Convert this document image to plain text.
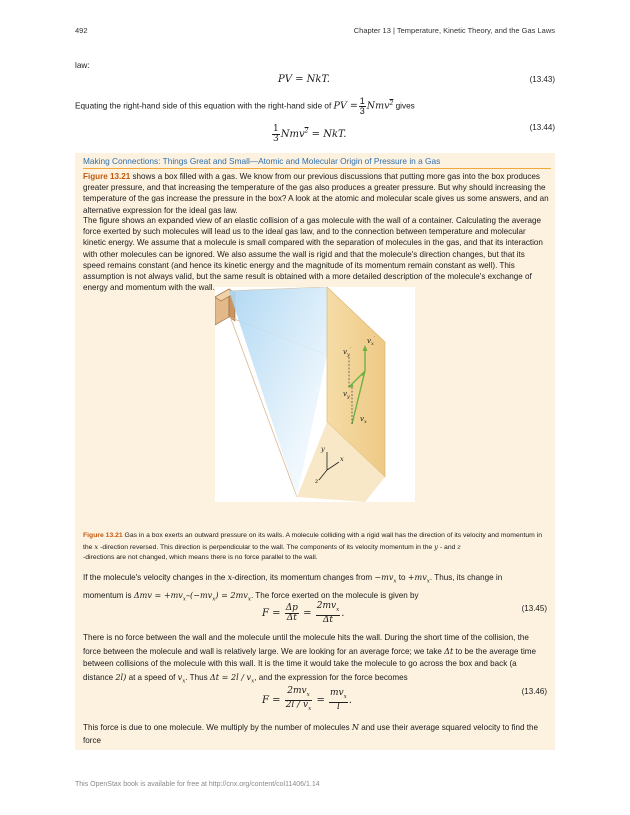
492	Chapter 13 | Temperature, Kinetic Theory, and the Gas Laws
law:
PV = NkT.	(13.43)
Equating the right-hand side of this equation with the right-hand side of PV = $\frac{1}{3} Nmv^2$ gives
$\frac{1}{3} Nmv^2$ = NkT.
(13.44)
Making Connections: Things Great and Small—Atomic and Molecular Origin of Pressure in a Gas

Figure 13.21 shows a box filled with a gas. We know from our previous discussions that putting more gas into the box produces greater pressure, and that increasing the temperature of the gas also produces a greater pressure. But why should increasing the temperature of the gas increase the pressure in the box? A look at the atomic and molecular scale gives us some answers, and an alternative expression for the ideal gas law.

The figure shows an expanded view of an elastic collision of a gas molecule with the wall of a container. Calculating the average force exerted by such molecules will lead us to the ideal gas law, and to the connection between temperature and molecular kinetic energy. We assume that a molecule is small compared with the separation of molecules in the gas, and that its interaction with other molecules can be ignored. We also assume the wall is rigid and that the molecule's direction changes, but that its speed remains constant (and hence its kinetic energy and the magnitude of its momentum remain constant as well). This assumption is not always valid, but the same result is obtained with a more detailed description of the molecule's exchange of energy and momentum with the wall.

$v_x'$
$v_y'$
$v_y$
$v_x$
y
x
z
Figure 13.21 Gas in a box exerts an outward pressure on its walls. A molecule colliding with a rigid wall has the direction of its velocity and momentum in the x -direction reversed. This direction is perpendicular to the wall. The components of its velocity momentum in the y - and z
-directions are not changed, which means there is no force parallel to the wall.

If the molecule's velocity changes in the x-direction, its momentum changes from $-mv_x$ to $+mv_x$. Thus, its change in
momentum is $\Delta mv = +mv_x-(-mv_x) = 2mv_x$. The force exerted on the molecule is given by

$F = \frac{\Delta p}{\Delta t} = \frac{2mv_x}{\Delta t}$ .	(13.45)

There is no force between the wall and the molecule until the molecule hits the wall. During the short time of the collision, the force between the molecule and wall is relatively large. We are looking for an average force; we take Δt to be the average time between collisions of the molecule with this wall. It is the time it would take the molecule to go across the box and back (a distance 2l) at a speed of $v_x$. Thus $\Delta t = 2l / v_x$, and the expression for the force becomes

$F = \frac{2mv_x}{2l / v_x} = \frac{mv_x}{l}$ .
(13.46)

This force is due to one molecule. We multiply by the number of molecules N and use their average squared velocity to find the force

This OpenStax book is available for free at http://cnx.org/content/col11406/1.14
